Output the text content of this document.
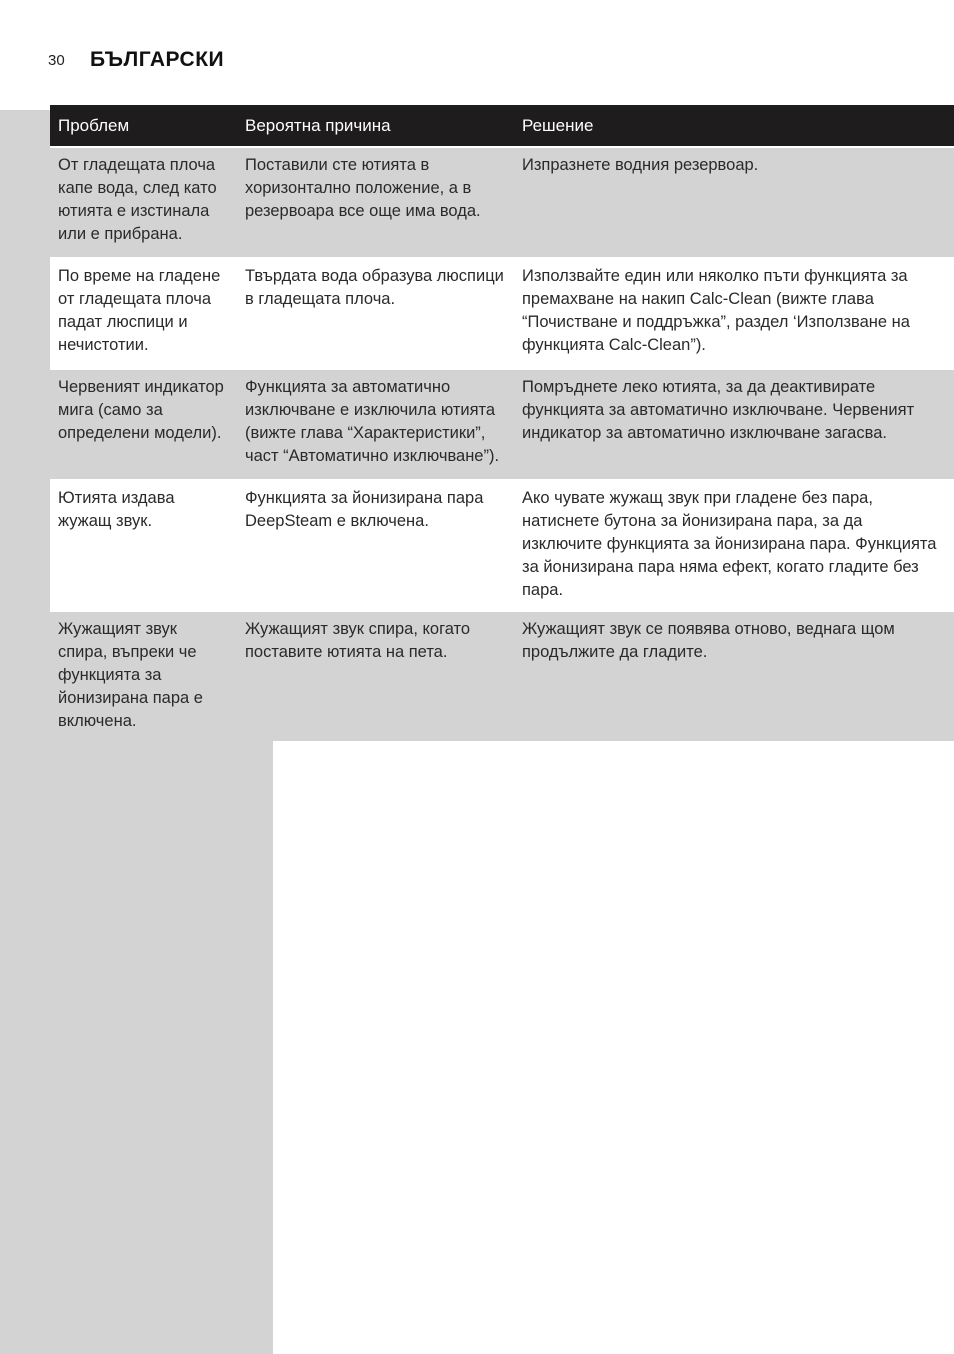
30 БЪЛГАРСКИ
Проблем	Вероятна причина	Решение
От гладещата плоча капе вода, след като ютията е изстинала или е прибрана.	Поставили сте ютията в хоризонтално положение, а в резервоара все още има вода.	Изпразнете водния резервоар.
По време на гладене от гладещата плоча падат люспици и нечистотии.	Твърдата вода образува люспици в гладещата плоча.	Използвайте един или няколко пъти функцията за премахване на накип Calc-Clean (вижте глава “Почистване и поддръжка”, раздел ‘Използване на функцията Calc-Clean”).
Червеният индикатор мига (само за определени модели).	Функцията за автоматично изключване е изключила ютията (вижте глава “Характеристики”, част “Автоматично изключване”).	Помръднете леко ютията, за да деактивирате функцията за автоматично изключване. Червеният индикатор за автоматично изключване загасва.
Ютията издава жужащ звук.	Функцията за йонизирана пара DeepSteam е включена.	Ако чувате жужащ звук при гладене без пара, натиснете бутона за йонизирана пара, за да изключите функцията за йонизирана пара. Функцията за йонизирана пара няма ефект, когато гладите без пара.
Жужащият звук спира, въпреки че функцията за йонизирана пара е включена.	Жужащият звук спира, когато поставите ютията на пета.	Жужащият звук се появява отново, веднага щом продължите да гладите.
